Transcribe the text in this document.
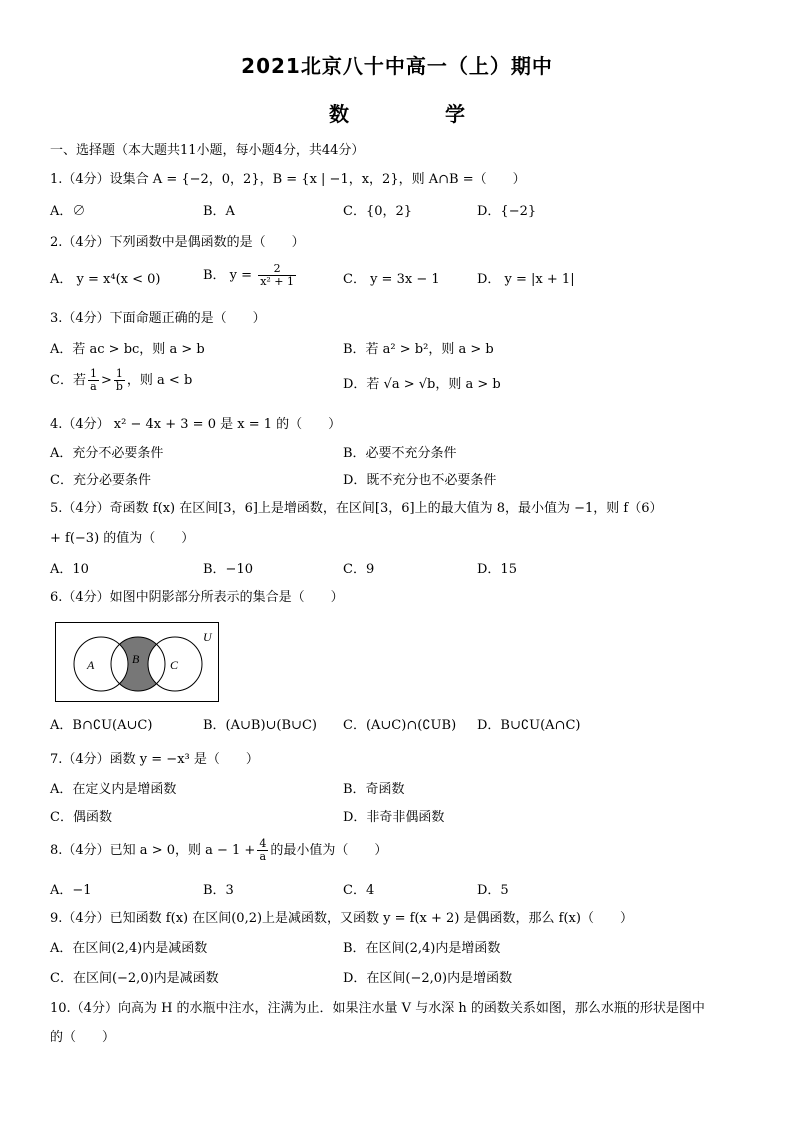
2021北京八十中高一（上）期中
数　学
一、选择题（本大题共11小题，每小题4分，共44分）
1.（4分）设集合 A = {−2，0，2}，B = {x | −1，x，2}，则 A∩B =（　　）
A．∅	B．A	C．{0，2}	D．{−2}
2.（4分）下列函数中是偶函数的是（　　）
A． y = x⁴(x < 0)	B． $y = \frac{2}{\text{x² + 1}}$	C． y = 3x − 1	D． y = |x + 1|
3.（4分）下面命题正确的是（　　）
A．若 ac > bc，则 a > b	B．若 a² > b²，则 a > b
C．若 $\frac{1}{a} > \frac{1}{b}$ ，则 a < b	D．若 √a > √b，则 a > b
4.（4分） x² − 4x + 3 = 0 是 x = 1 的（　　）
A．充分不必要条件	B．必要不充分条件
C．充分必要条件	D．既不充分也不必要条件
5.（4分）奇函数 f(x) 在区间[3，6]上是增函数，在区间[3，6]上的最大值为 8，最小值为 −1，则 f（6）
+ f(−3) 的值为（　　）
A．10	B．−10	C．9	D．15
6.（4分）如图中阴影部分所表示的集合是（　　）
U
A	B	C
A．B∩∁U(A∪C)	B．(A∪B)∪(B∪C) C．(A∪C)∩(∁UB) D．B∪∁U(A∩C)
7.（4分）函数 y = −x³ 是（　　）
A．在定义内是增函数	B．奇函数
C．偶函数	D．非奇非偶函数
8.（4分）已知 a > 0，则 $a - 1 + \frac{4}{a}$ 的最小值为（　　）
A．−1	B．3	C．4	D．5
9.（4分）已知函数 f(x) 在区间(0,2)上是减函数，又函数 y = f(x + 2) 是偶函数，那么 f(x)（　　）
A．在区间(2,4)内是减函数	B．在区间(2,4)内是增函数
C．在区间(−2,0)内是减函数	D．在区间(−2,0)内是增函数
10.（4分）向高为 H 的水瓶中注水，注满为止．如果注水量 V 与水深 h 的函数关系如图，那么水瓶的形状是图中
的（　　）
